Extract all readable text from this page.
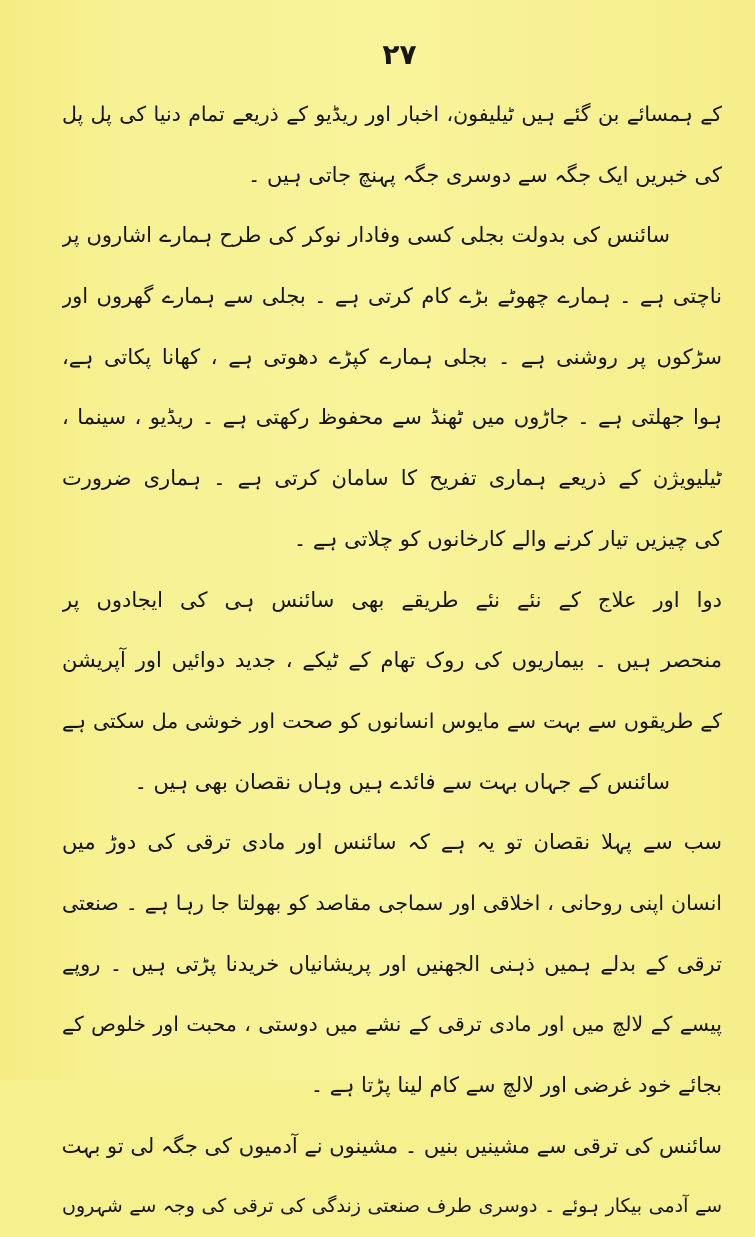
۲۷
کے ہمسائے بن گئے ہیں ٹیلیفون، اخبار اور ریڈیو کے ذریعے تمام دنیا کی پل پل
کی خبریں ایک جگہ سے دوسری جگہ پہنچ جاتی ہیں ۔
سائنس کی بدولت بجلی کسی وفادار نوکر کی طرح ہمارے اشاروں پر
ناچتی ہے ۔ ہمارے چھوٹے بڑے کام کرتی ہے ۔ بجلی سے ہمارے گھروں اور
سڑکوں پر روشنی ہے ۔ بجلی ہمارے کپڑے دھوتی ہے ، کھانا پکاتی ہے،
ہوا جھلتی ہے ۔ جاڑوں میں ٹھنڈ سے محفوظ رکھتی ہے ۔ ریڈیو ، سینما ،
ٹیلیویژن کے ذریعے ہماری تفریح کا سامان کرتی ہے ۔ ہماری ضرورت
کی چیزیں تیار کرنے والے کارخانوں کو چلاتی ہے ۔
دوا اور علاج کے نئے نئے طریقے بھی سائنس ہی کی ایجادوں پر
منحصر ہیں ۔ بیماریوں کی روک تھام کے ٹیکے ، جدید دوائیں اور آپریشن
کے طریقوں سے بہت سے مایوس انسانوں کو صحت اور خوشی مل سکتی ہے
سائنس کے جہاں بہت سے فائدے ہیں وہاں نقصان بھی ہیں ۔
سب سے پہلا نقصان تو یہ ہے کہ سائنس اور مادی ترقی کی دوڑ میں
انسان اپنی روحانی ، اخلاقی اور سماجی مقاصد کو بھولتا جا رہا ہے ۔ صنعتی
ترقی کے بدلے ہمیں ذہنی الجھنیں اور پریشانیاں خریدنا پڑتی ہیں ۔ روپے
پیسے کے لالچ میں اور مادی ترقی کے نشے میں دوستی ، محبت اور خلوص کے
بجائے خود غرضی اور لالچ سے کام لینا پڑتا ہے ۔
سائنس کی ترقی سے مشینیں بنیں ۔ مشینوں نے آدمیوں کی جگہ لی تو بہت
سے آدمی بیکار ہوئے ۔ دوسری طرف صنعتی زندگی کی ترقی کی وجہ سے شہروں
